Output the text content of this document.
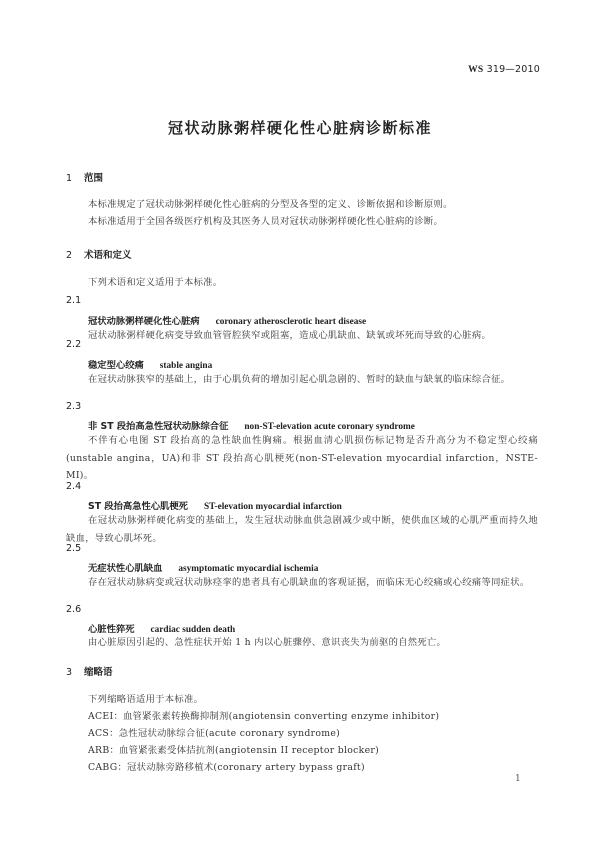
WS 319—2010
冠状动脉粥样硬化性心脏病诊断标准
1 范围
本标准规定了冠状动脉粥样硬化性心脏病的分型及各型的定义、诊断依据和诊断原则。
本标准适用于全国各级医疗机构及其医务人员对冠状动脉粥样硬化性心脏病的诊断。
2 术语和定义
下列术语和定义适用于本标准。
2.1
冠状动脉粥样硬化性心脏病 coronary atherosclerotic heart disease
冠状动脉粥样硬化病变导致血管管腔狭窄或阻塞，造成心肌缺血、缺氧或坏死而导致的心脏病。
2.2
稳定型心绞痛 stable angina
在冠状动脉狭窄的基础上，由于心肌负荷的增加引起心肌急剧的、暂时的缺血与缺氧的临床综合征。
2.3
非 ST 段抬高急性冠状动脉综合征 non-ST-elevation acute coronary syndrome
不伴有心电图 ST 段抬高的急性缺血性胸痛。根据血清心肌损伤标记物是否升高分为不稳定型心绞痛(unstable angina，UA)和非 ST 段抬高心肌梗死(non-ST-elevation myocardial infarction，NSTE-MI)。
2.4
ST 段抬高急性心肌梗死 ST-elevation myocardial infarction
在冠状动脉粥样硬化病变的基础上，发生冠状动脉血供急剧减少或中断，使供血区域的心肌严重而持久地缺血，导致心肌坏死。
2.5
无症状性心肌缺血 asymptomatic myocardial ischemia
存在冠状动脉病变或冠状动脉痉挛的患者具有心肌缺血的客观证据，而临床无心绞痛或心绞痛等同症状。
2.6
心脏性猝死 cardiac sudden death
由心脏原因引起的、急性症状开始 1 h 内以心脏骤停、意识丧失为前驱的自然死亡。
3 缩略语
下列缩略语适用于本标准。
ACEI：血管紧张素转换酶抑制剂(angiotensin converting enzyme inhibitor)
ACS：急性冠状动脉综合征(acute coronary syndrome)
ARB：血管紧张素受体拮抗剂(angiotensin II receptor blocker)
CABG：冠状动脉旁路移植术(coronary artery bypass graft)
1
